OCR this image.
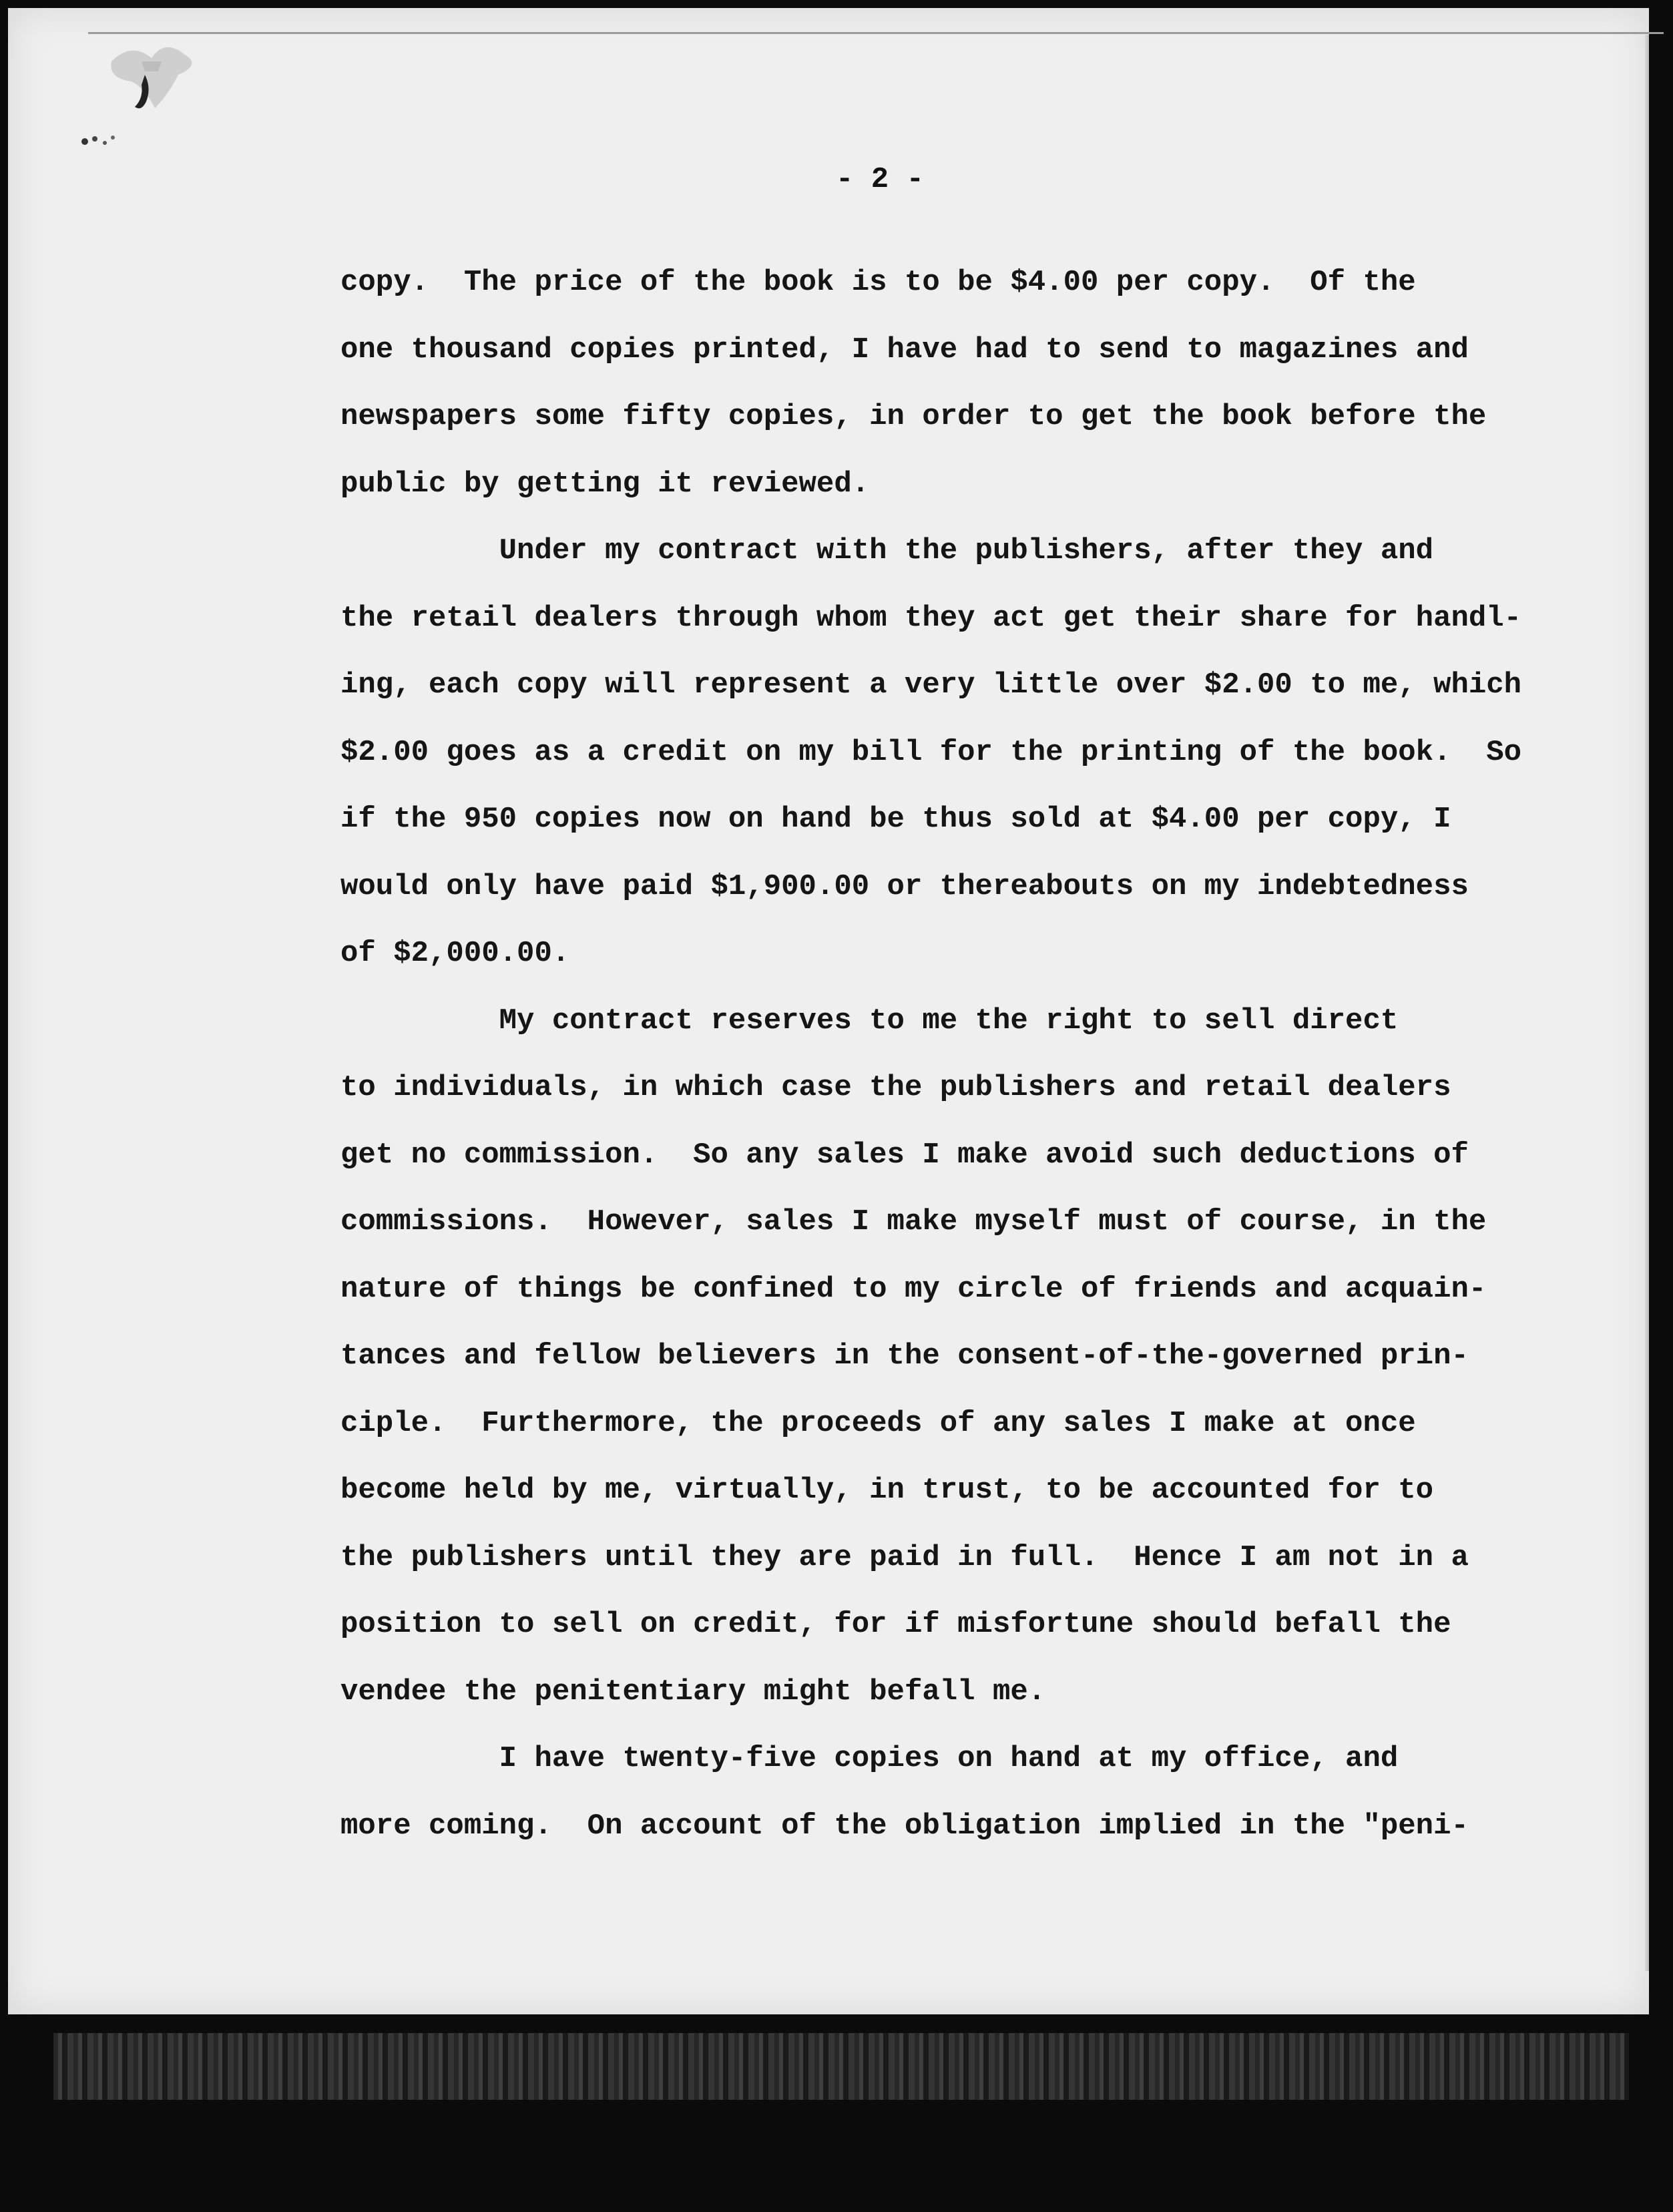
- 2 -
copy.  The price of the book is to be $4.00 per copy.  Of the
one thousand copies printed, I have had to send to magazines and
newspapers some fifty copies, in order to get the book before the
public by getting it reviewed.
Under my contract with the publishers, after they and
the retail dealers through whom they act get their share for handl-
ing, each copy will represent a very little over $2.00 to me, which
$2.00 goes as a credit on my bill for the printing of the book.  So
if the 950 copies now on hand be thus sold at $4.00 per copy, I
would only have paid $1,900.00 or thereabouts on my indebtedness
of $2,000.00.
My contract reserves to me the right to sell direct
to individuals, in which case the publishers and retail dealers
get no commission.  So any sales I make avoid such deductions of
commissions.  However, sales I make myself must of course, in the
nature of things be confined to my circle of friends and acquain-
tances and fellow believers in the consent-of-the-governed prin-
ciple.  Furthermore, the proceeds of any sales I make at once
become held by me, virtually, in trust, to be accounted for to
the publishers until they are paid in full.  Hence I am not in a
position to sell on credit, for if misfortune should befall the
vendee the penitentiary might befall me.
I have twenty-five copies on hand at my office, and
more coming.  On account of the obligation implied in the "peni-
